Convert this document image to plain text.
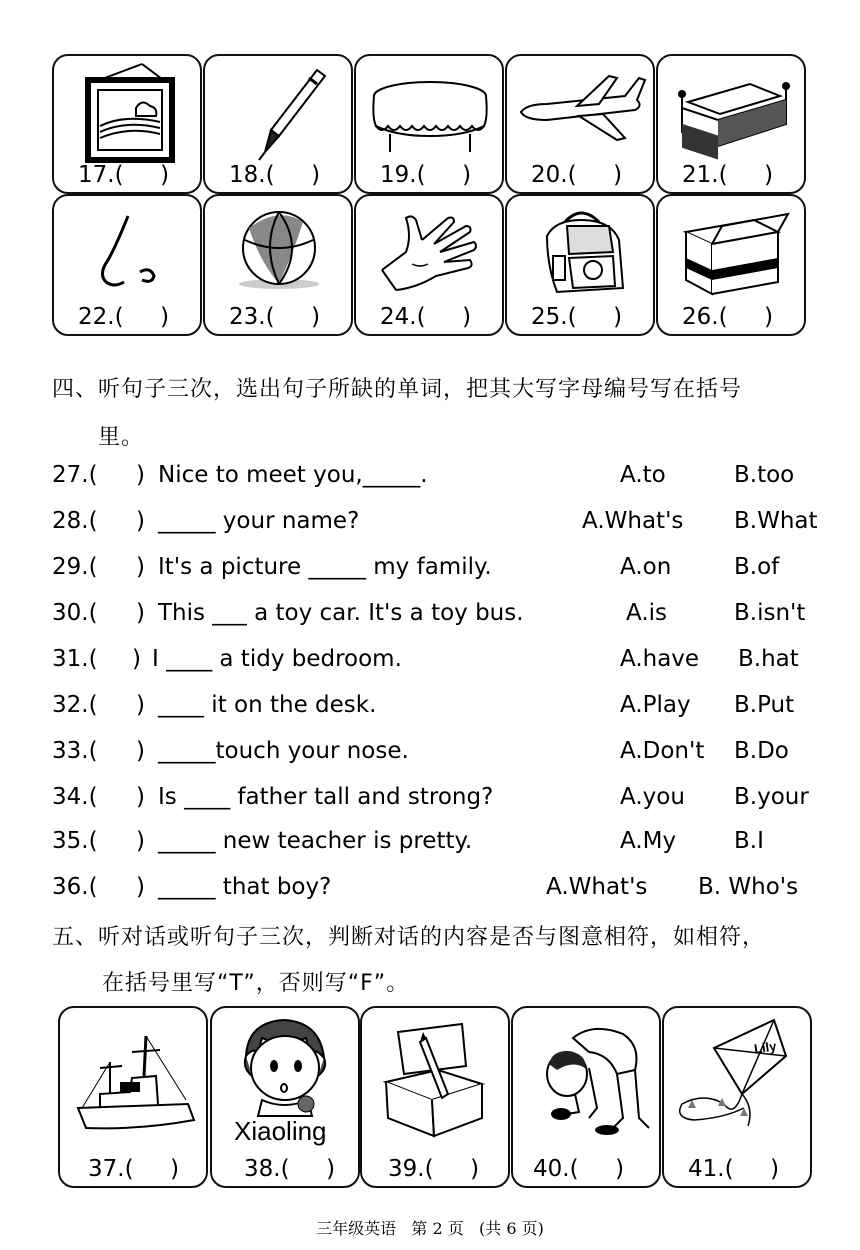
17.(     )	18.(     )	19.(     )	20.(     )	21.(     )
22.(     )	23.(     )	24.(     )	25.(     )	26.(     )
四、听句子三次，选出句子所缺的单词，把其大写字母编号写在括号
里。
27.( ) Nice to meet you,_____.	A.to	B.too
28.( ) _____ your name?	A.What's B.What
29.( ) It's a picture _____ my family.	A.on	B.of
30.( ) This ___ a toy car. It's a toy bus.	A.is	B.isn't
31.( ) I ____ a tidy bedroom.	A.have B.hat
32.( ) ____ it on the desk.	A.Play B.Put
33.( ) _____touch your nose.	A.Don't B.Do
34.( ) Is ____ father tall and strong?	A.you B.your
35.( ) _____ new teacher is pretty.	A.My	B.I
36.( ) _____ that boy?	A.What's B. Who's
五、听对话或听句子三次，判断对话的内容是否与图意相符，如相符，
在括号里写“T”，否则写“F”。
37.(     )
Xiaoling
38.(     ) 39.(     ) 40.(     )
Lily
41.(     )
三年级英语   第 2 页   (共 6 页)
